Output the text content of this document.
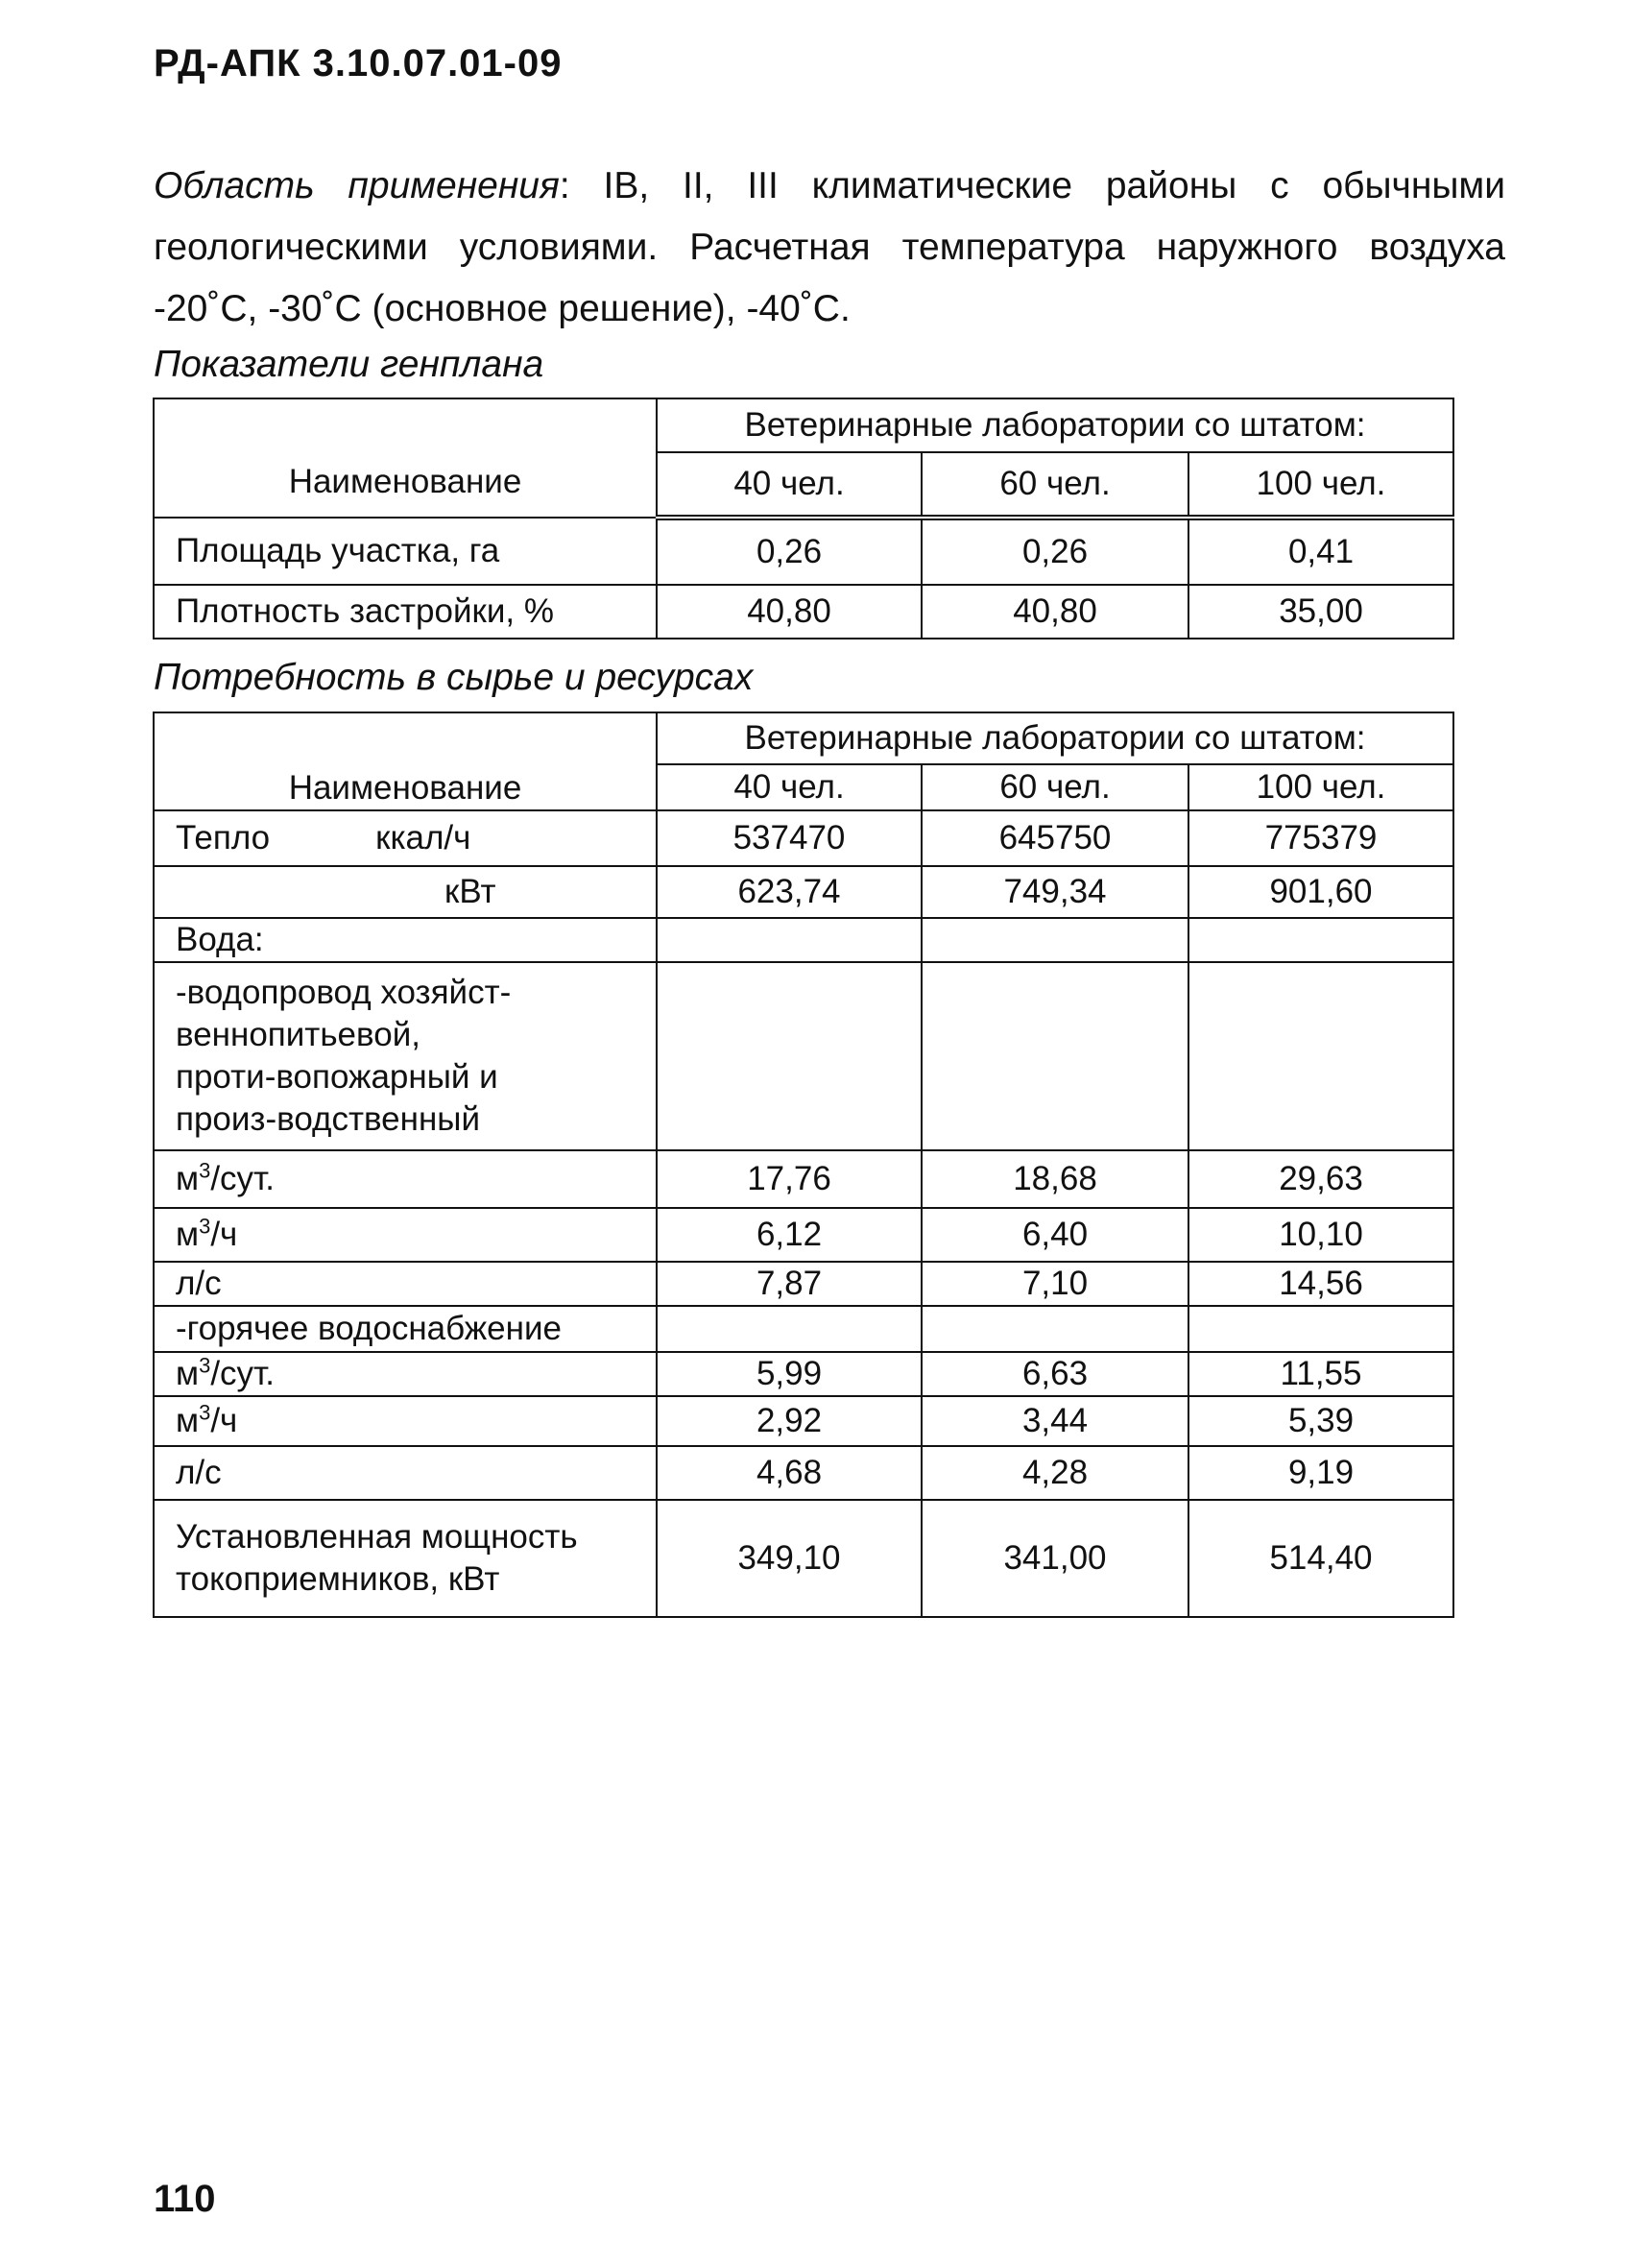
РД-АПК 3.10.07.01-09
Область применения: IB, II, III климатические районы с обычными геологическими условиями. Расчетная температура наружного воздуха -20˚С, -30˚С (основное решение), -40˚С.
Показатели генплана
Наименование	Ветеринарные лаборатории со штатом:		
	40 чел.	60 чел.	100 чел.
Площадь участка, га	0,26	0,26	0,41
Плотность застройки, %	40,80	40,80	35,00
Потребность в сырье и ресурсах
Наименование	Ветеринарные лаборатории со штатом:		
	40 чел.	60 чел.	100 чел.
Тепло ккал/ч	537470	645750	775379
кВт	623,74	749,34	901,60
Вода:			
-водопровод хозяйст-веннопитьевой, проти-вопожарный и произ-водственный			
$м^3$/сут.	17,76	18,68	29,63
$м^3/ч$	6,12	6,40	10,10
л/с	7,87	7,10	14,56
-горячее водоснабжение			
$м^3$/сут.	5,99	6,63	11,55
$м^3/ч$	2,92	3,44	5,39
л/с	4,68	4,28	9,19
Установленная мощность токоприемников, кВт	349,10	341,00	514,40
110
